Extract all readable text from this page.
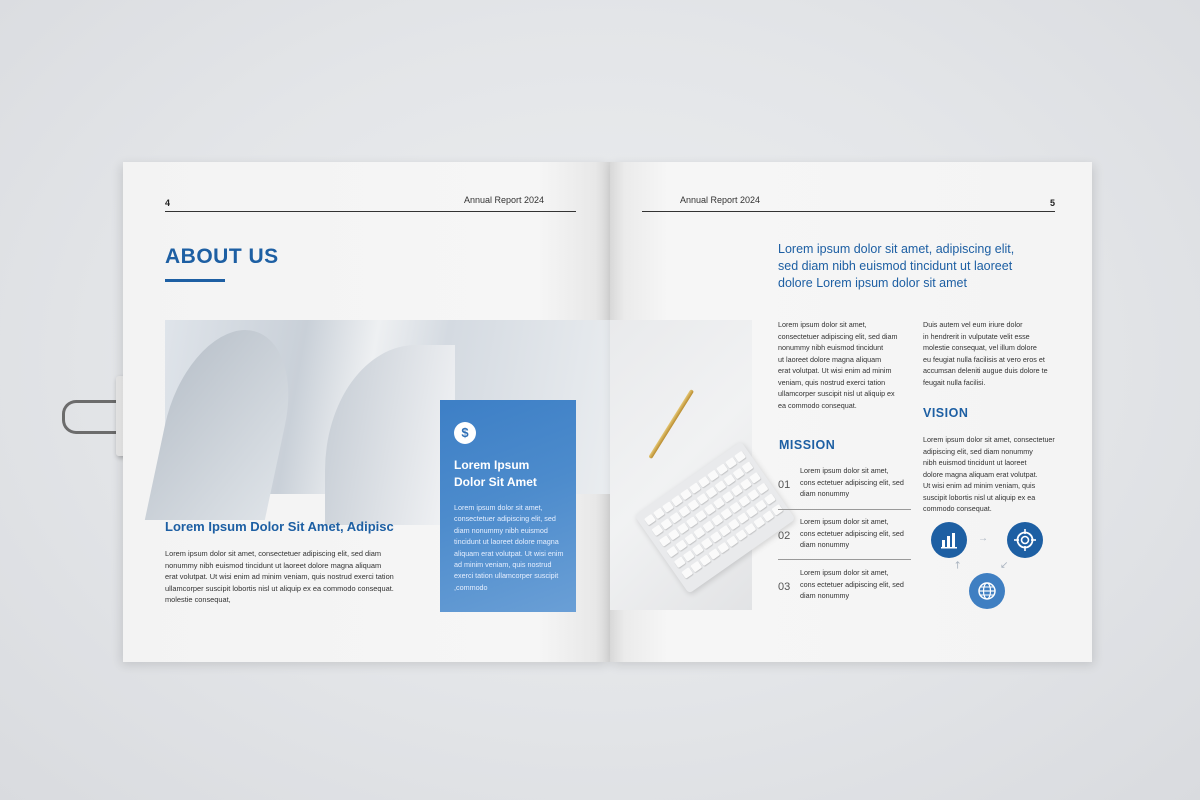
4	Annual Report 2024
ABOUT US
$
Lorem Ipsum
Dolor Sit Amet
Lorem ipsum dolor sit amet,
consectetuer adipiscing elit, sed
diam nonummy nibh euismod
tincidunt ut laoreet dolore magna
aliquam erat volutpat. Ut wisi enim
ad minim veniam, quis nostrud
exerci tation ullamcorper suscipit
,commodo
Lorem Ipsum Dolor Sit Amet, Adipisc
Lorem ipsum dolor sit amet, consectetuer adipiscing elit, sed diam
nonummy nibh euismod tincidunt ut laoreet dolore magna aliquam
erat volutpat. Ut wisi enim ad minim veniam, quis nostrud exerci tation
ullamcorper suscipit lobortis nisl ut aliquip ex ea commodo consequat.
molestie consequat,
Annual Report 2024	5
Lorem ipsum dolor sit amet, adipiscing elit,
sed diam nibh euismod tincidunt ut laoreet
dolore Lorem ipsum dolor sit amet
Lorem ipsum dolor sit amet,
consectetuer adipiscing elit, sed diam
nonummy nibh euismod tincidunt
ut laoreet dolore magna aliquam
erat volutpat. Ut wisi enim ad minim
veniam, quis nostrud exerci tation
ullamcorper suscipit nisl ut aliquip ex
ea commodo consequat.
Duis autem vel eum iriure dolor
in hendrerit in vulputate velit esse
molestie consequat, vel illum dolore
eu feugiat nulla facilisis at vero eros et
accumsan deleniti augue duis dolore te
feugait nulla facilisi.
MISSION
01
Lorem ipsum dolor sit amet,
cons ectetuer adipiscing elit, sed
diam nonummy
02
Lorem ipsum dolor sit amet,
cons ectetuer adipiscing elit, sed
diam nonummy
03
Lorem ipsum dolor sit amet,
cons ectetuer adipiscing elit, sed
diam nonummy
VISION
Lorem ipsum dolor sit amet, consectetuer
adipiscing elit, sed diam nonummy
nibh euismod tincidunt ut laoreet
dolore magna aliquam erat volutpat.
Ut wisi enim ad minim veniam, quis
suscipit lobortis nisl ut aliquip ex ea
commodo consequat.
→
↖	↙
